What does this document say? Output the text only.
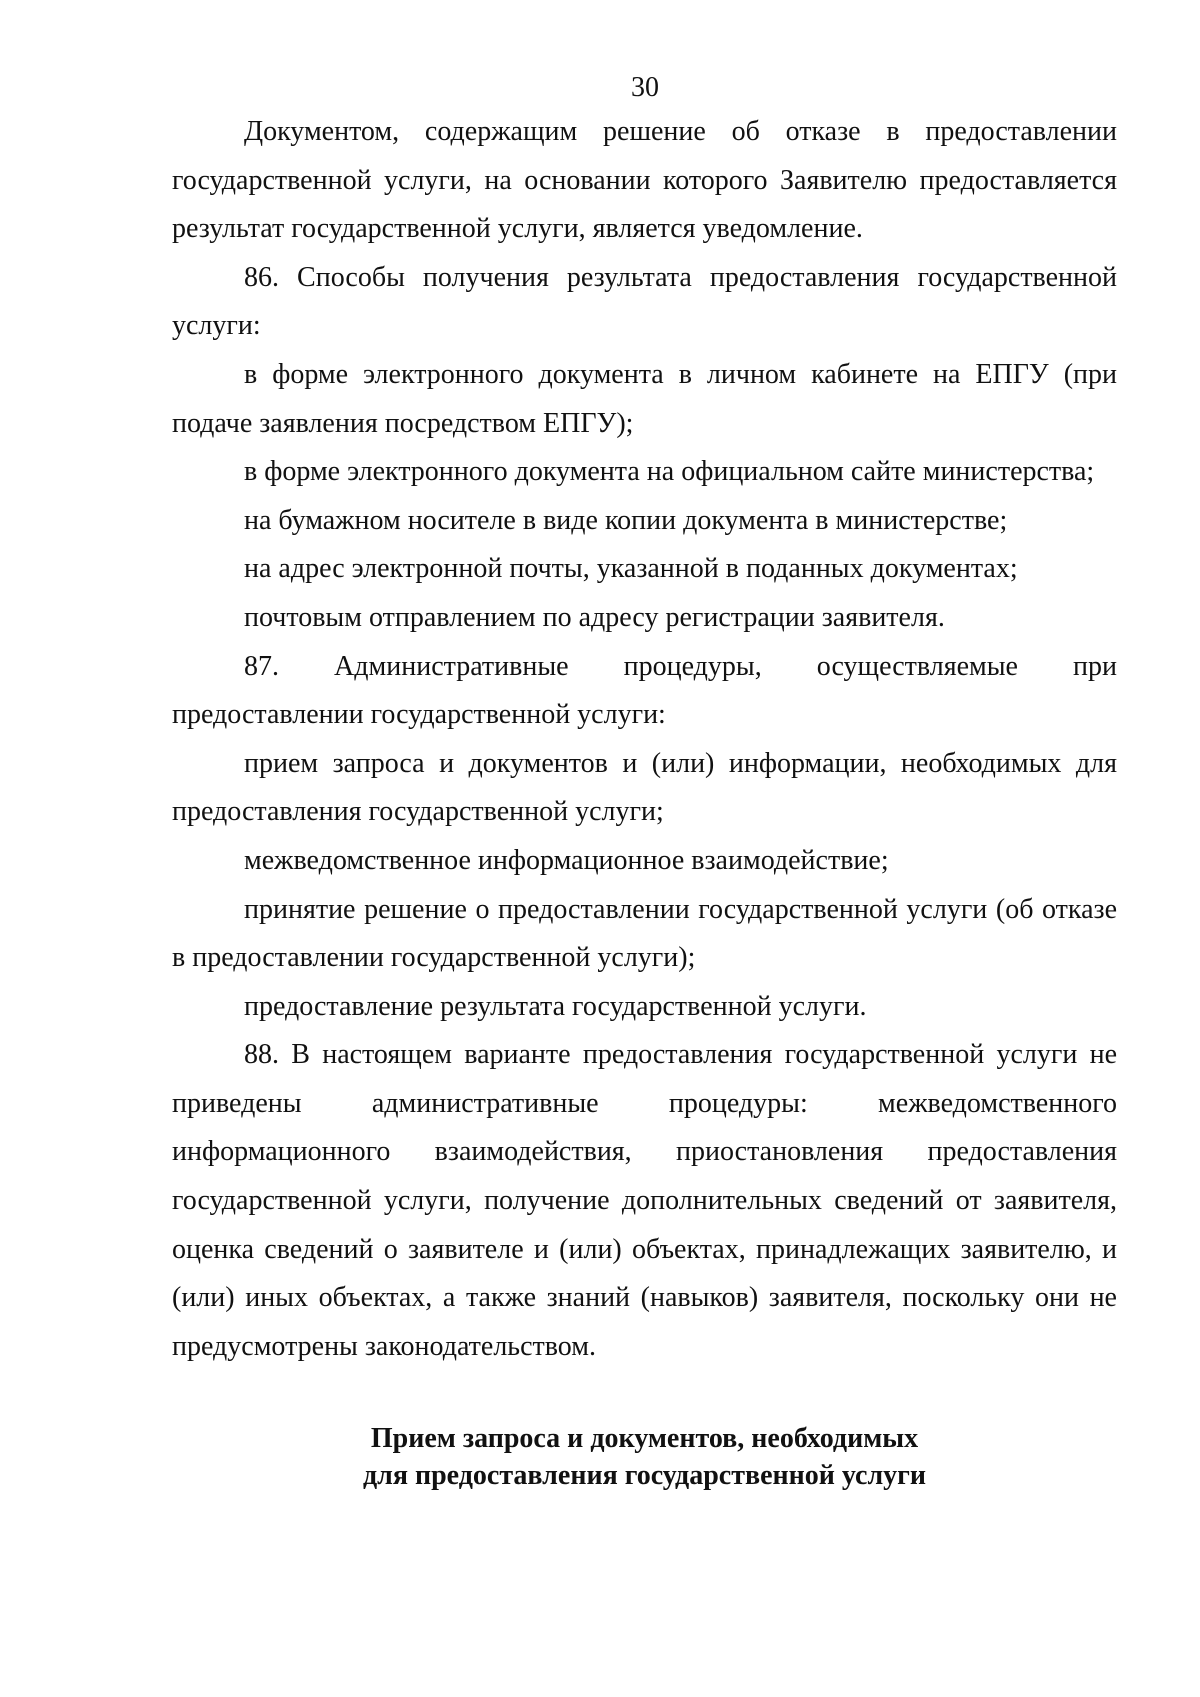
30

Документом, содержащим решение об отказе в предоставлении государственной услуги, на основании которого Заявителю предоставляется результат государственной услуги, является уведомление.

86. Способы получения результата предоставления государственной услуги:

в форме электронного документа в личном кабинете на ЕПГУ (при подаче заявления посредством ЕПГУ);

в форме электронного документа на официальном сайте министерства;

на бумажном носителе в виде копии документа в министерстве;

на адрес электронной почты, указанной в поданных документах;

почтовым отправлением по адресу регистрации заявителя.

87. Административные процедуры, осуществляемые при предоставлении государственной услуги:

прием запроса и документов и (или) информации, необходимых для предоставления государственной услуги;

межведомственное информационное взаимодействие;

принятие решение о предоставлении государственной услуги (об отказе в предоставлении государственной услуги);

предоставление результата государственной услуги.

88. В настоящем варианте предоставления государственной услуги не приведены административные процедуры: межведомственного информационного взаимодействия, приостановления предоставления государственной услуги, получение дополнительных сведений от заявителя, оценка сведений о заявителе и (или) объектах, принадлежащих заявителю, и (или) иных объектах, а также знаний (навыков) заявителя, поскольку они не предусмотрены законодательством.

Прием запроса и документов, необходимых
для предоставления государственной услуги
